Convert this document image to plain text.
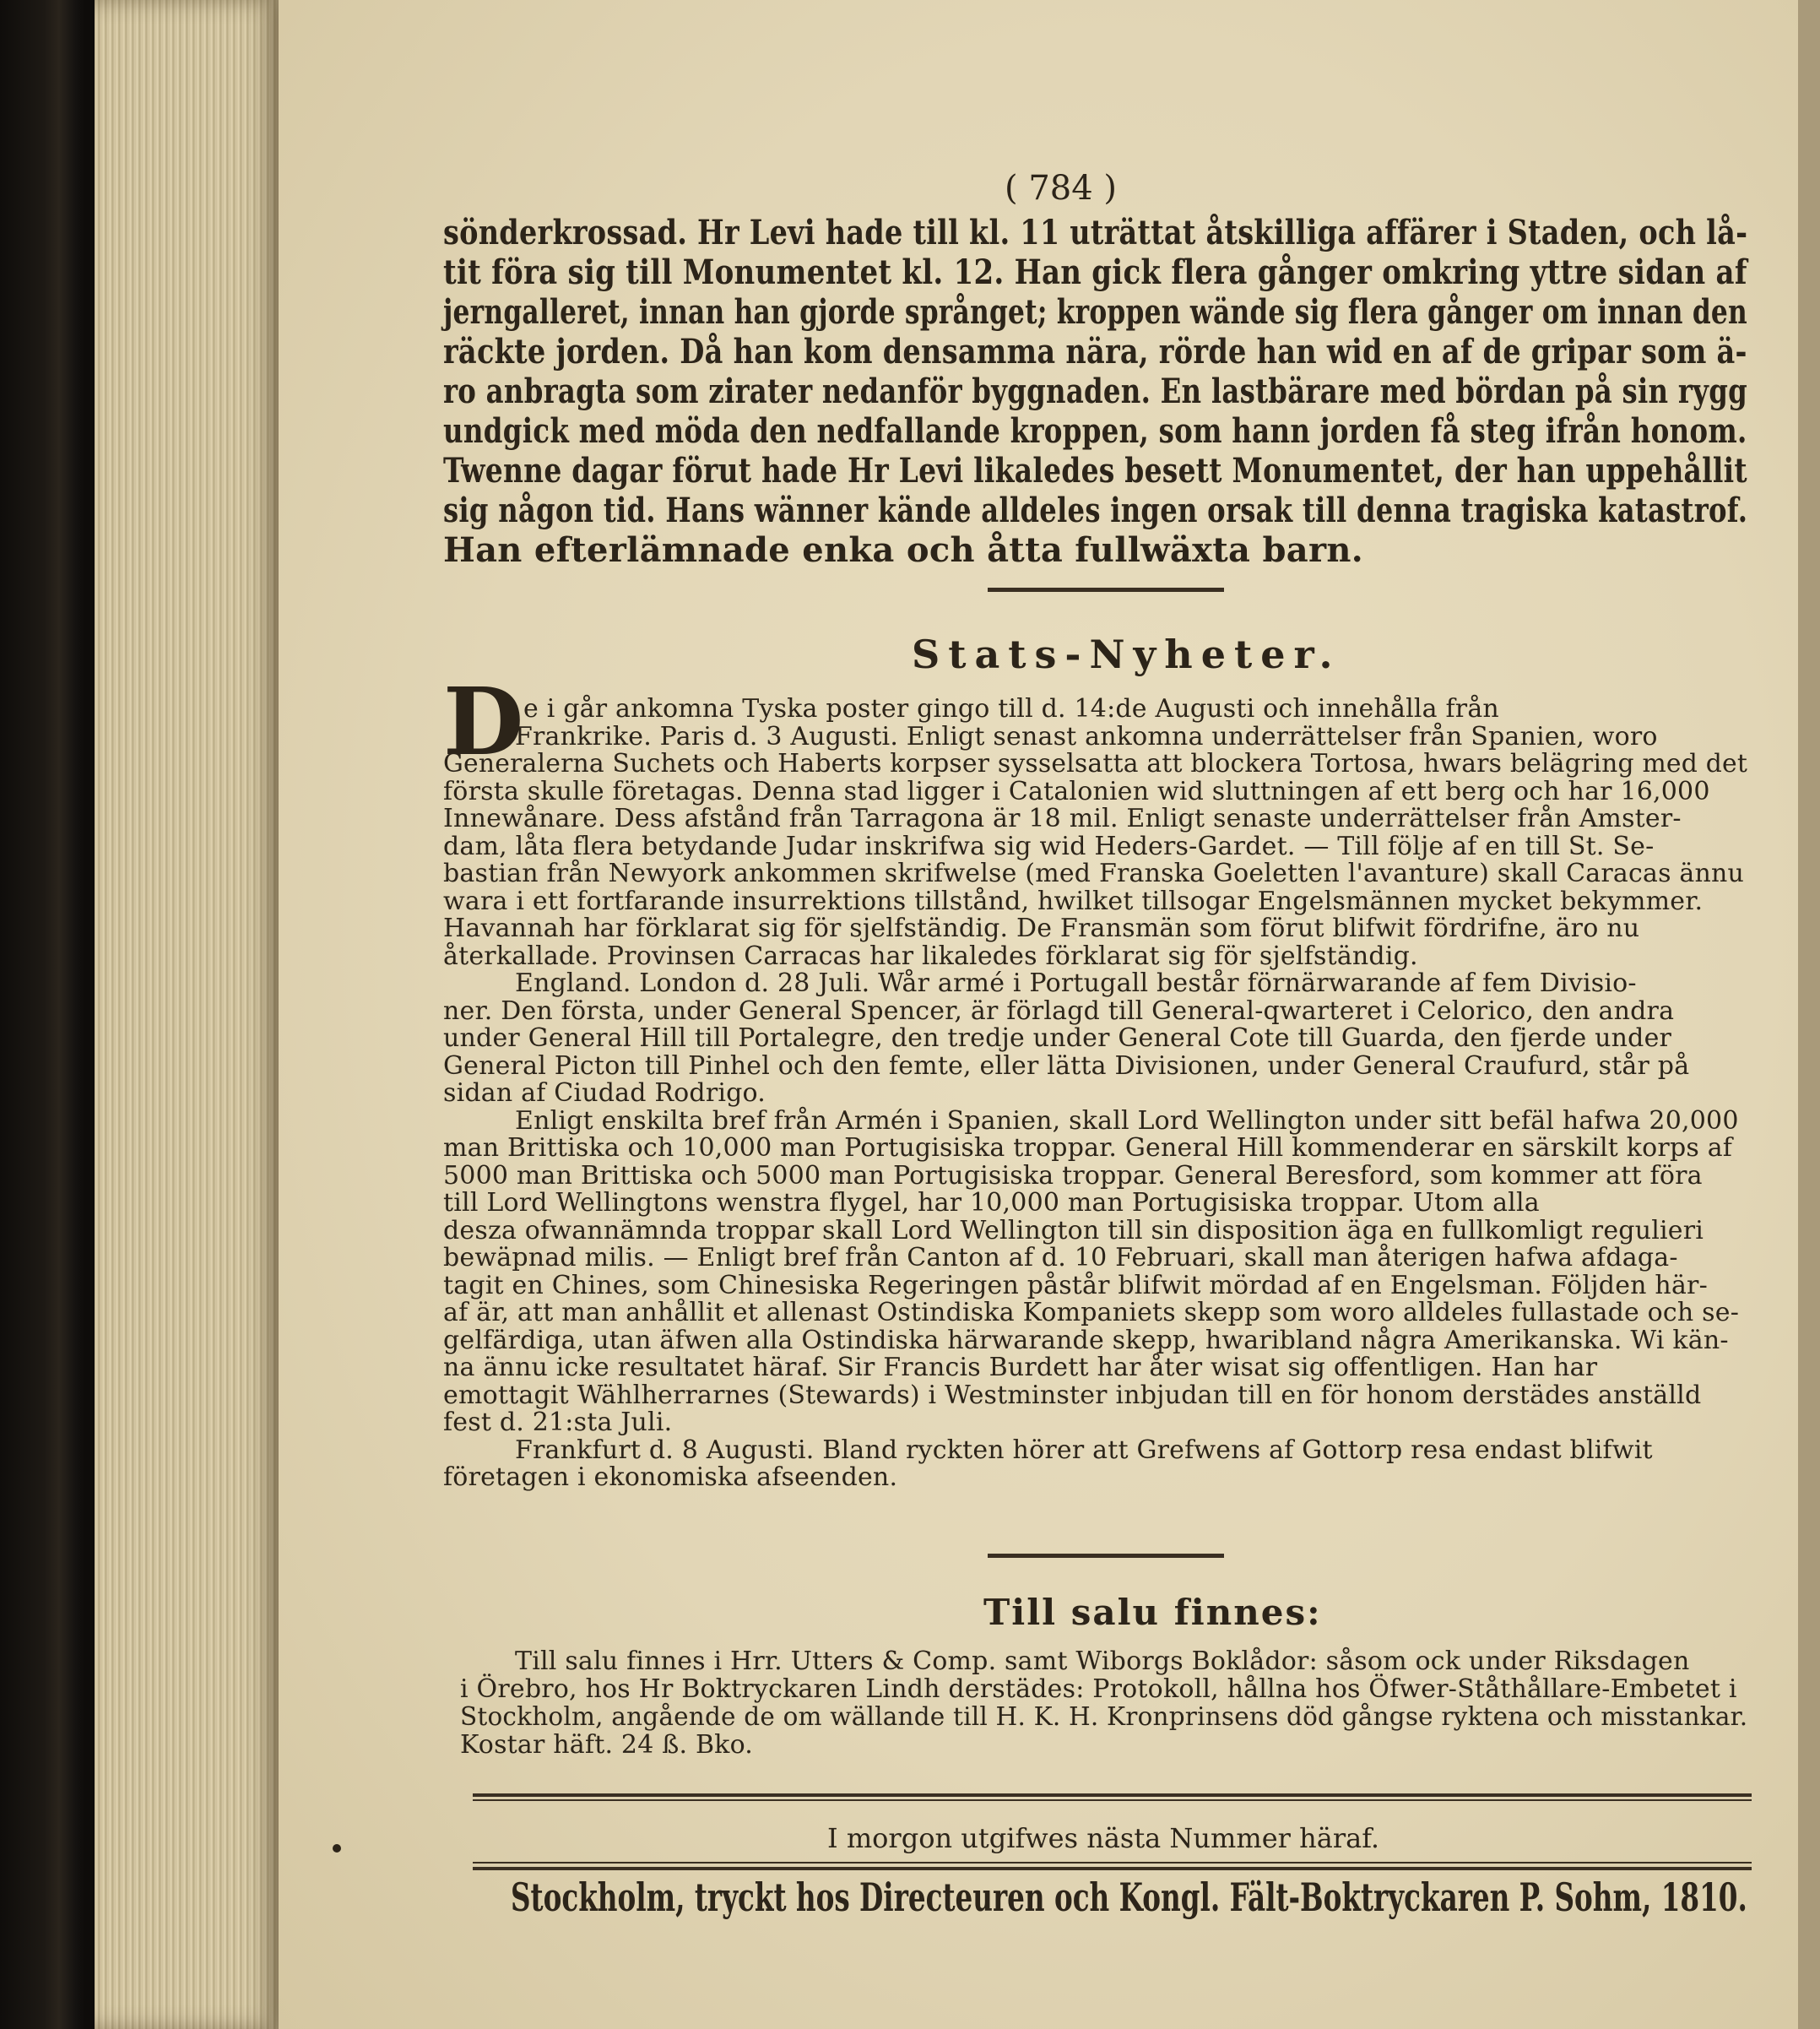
( 784 )
sönderkrossad. Hr Levi hade till kl. 11 uträttat åtskilliga affärer i Staden, och lå-
tit föra sig till Monumentet kl. 12. Han gick flera gånger omkring yttre sidan af
jerngalleret, innan han gjorde språnget; kroppen wände sig flera gånger om innan den
räckte jorden. Då han kom densamma nära, rörde han wid en af de gripar som ä-
ro anbragta som zirater nedanför byggnaden. En lastbärare med bördan på sin rygg
undgick med möda den nedfallande kroppen, som hann jorden få steg ifrån honom.
Twenne dagar förut hade Hr Levi likaledes besett Monumentet, der han uppehållit
sig någon tid. Hans wänner kände alldeles ingen orsak till denna tragiska katastrof.
Han efterlämnade enka och åtta fullwäxta barn.
Stats-Nyheter.
D e i går ankomna Tyska poster gingo till d. 14:de Augusti och innehålla från
Frankrike. Paris d. 3 Augusti. Enligt senast ankomna underrättelser från Spanien, woro
Generalerna Suchets och Haberts korpser sysselsatta att blockera Tortosa, hwars belägring med det
första skulle företagas. Denna stad ligger i Catalonien wid sluttningen af ett berg och har 16,000
Innewånare. Dess afstånd från Tarragona är 18 mil. Enligt senaste underrättelser från Amster-
dam, låta flera betydande Judar inskrifwa sig wid Heders-Gardet. — Till följe af en till St. Se-
bastian från Newyork ankommen skrifwelse (med Franska Goeletten l'avanture) skall Caracas ännu
wara i ett fortfarande insurrektions tillstånd, hwilket tillsogar Engelsmännen mycket bekymmer.
Havannah har förklarat sig för sjelfständig. De Fransmän som förut blifwit fördrifne, äro nu
återkallade. Provinsen Carracas har likaledes förklarat sig för sjelfständig.
England. London d. 28 Juli. Wår armé i Portugall består förnärwarande af fem Divisio-
ner. Den första, under General Spencer, är förlagd till General-qwarteret i Celorico, den andra
under General Hill till Portalegre, den tredje under General Cote till Guarda, den fjerde under
General Picton till Pinhel och den femte, eller lätta Divisionen, under General Craufurd, står på
sidan af Ciudad Rodrigo.
Enligt enskilta bref från Armén i Spanien, skall Lord Wellington under sitt befäl hafwa 20,000
man Brittiska och 10,000 man Portugisiska troppar. General Hill kommenderar en särskilt korps af
5000 man Brittiska och 5000 man Portugisiska troppar. General Beresford, som kommer att föra
till Lord Wellingtons wenstra flygel, har 10,000 man Portugisiska troppar. Utom alla
desza ofwannämnda troppar skall Lord Wellington till sin disposition äga en fullkomligt regulieri
bewäpnad milis. — Enligt bref från Canton af d. 10 Februari, skall man återigen hafwa afdaga-
tagit en Chines, som Chinesiska Regeringen påstår blifwit mördad af en Engelsman. Följden här-
af är, att man anhållit et allenast Ostindiska Kompaniets skepp som woro alldeles fullastade och se-
gelfärdiga, utan äfwen alla Ostindiska härwarande skepp, hwaribland några Amerikanska. Wi kän-
na ännu icke resultatet häraf. Sir Francis Burdett har åter wisat sig offentligen. Han har
emottagit Wählherrarnes (Stewards) i Westminster inbjudan till en för honom derstädes anställd
fest d. 21:sta Juli.
Frankfurt d. 8 Augusti. Bland ryckten hörer att Grefwens af Gottorp resa endast blifwit
företagen i ekonomiska afseenden.
Till salu finnes:
Till salu finnes i Hrr. Utters & Comp. samt Wiborgs Boklådor: såsom ock under Riksdagen
i Örebro, hos Hr Boktryckaren Lindh derstädes: Protokoll, hållna hos Öfwer-Ståthållare-Embetet i
Stockholm, angående de om wällande till H. K. H. Kronprinsens död gångse ryktena och misstankar.
Kostar häft. 24 ß. Bko.
I morgon utgifwes nästa Nummer häraf.
Stockholm, tryckt hos Directeuren och Kongl. Fält-Boktryckaren P. Sohm, 1810.
